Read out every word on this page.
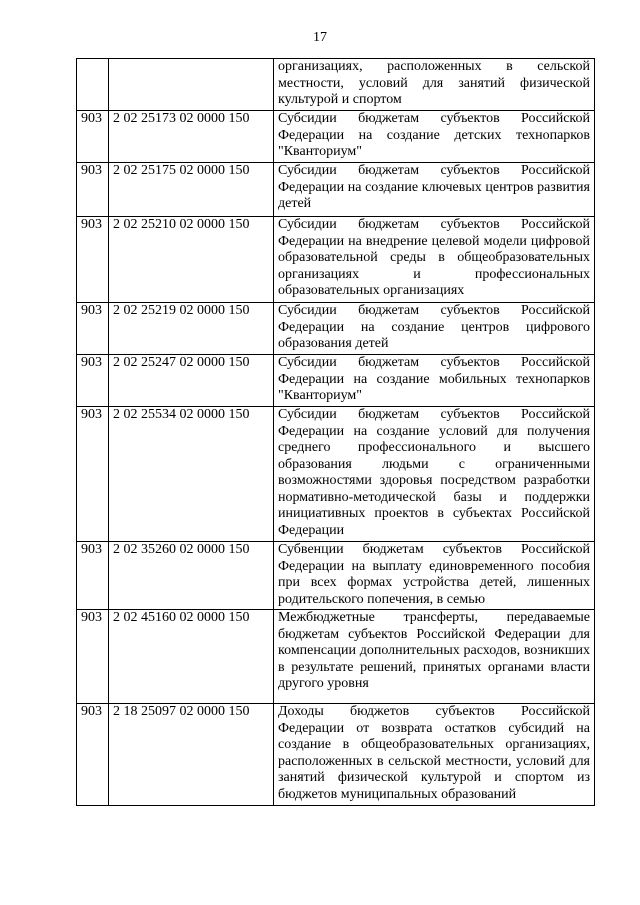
17
		организациях, расположенных в сельской местности, условий для занятий физической культурой и спортом
903	2 02 25173 02 0000 150	Субсидии бюджетам субъектов Российской Федерации на создание детских технопарков "Кванториум"
903	2 02 25175 02 0000 150	Субсидии бюджетам субъектов Российской Федерации на создание ключевых центров развития детей
903	2 02 25210 02 0000 150	Субсидии бюджетам субъектов Российской Федерации на внедрение целевой модели цифровой образовательной среды в общеобразовательных организациях и профессиональных образовательных организациях
903	2 02 25219 02 0000 150	Субсидии бюджетам субъектов Российской Федерации на создание центров цифрового образования детей
903	2 02 25247 02 0000 150	Субсидии бюджетам субъектов Российской Федерации на создание мобильных технопарков "Кванториум"
903	2 02 25534 02 0000 150	Субсидии бюджетам субъектов Российской Федерации на создание условий для получения среднего профессионального и высшего образования людьми с ограниченными возможностями здоровья посредством разработки нормативно-методической базы и поддержки инициативных проектов в субъектах Российской Федерации
903	2 02 35260 02 0000 150	Субвенции бюджетам субъектов Российской Федерации на выплату единовременного пособия при всех формах устройства детей, лишенных родительского попечения, в семью
903	2 02 45160 02 0000 150	Межбюджетные трансферты, передаваемые бюджетам субъектов Российской Федерации для компенсации дополнительных расходов, возникших в результате решений, принятых органами власти другого уровня
903	2 18 25097 02 0000 150	Доходы бюджетов субъектов Российской Федерации от возврата остатков субсидий на создание в общеобразовательных организациях, расположенных в сельской местности, условий для занятий физической культурой и спортом из бюджетов муниципальных образований
